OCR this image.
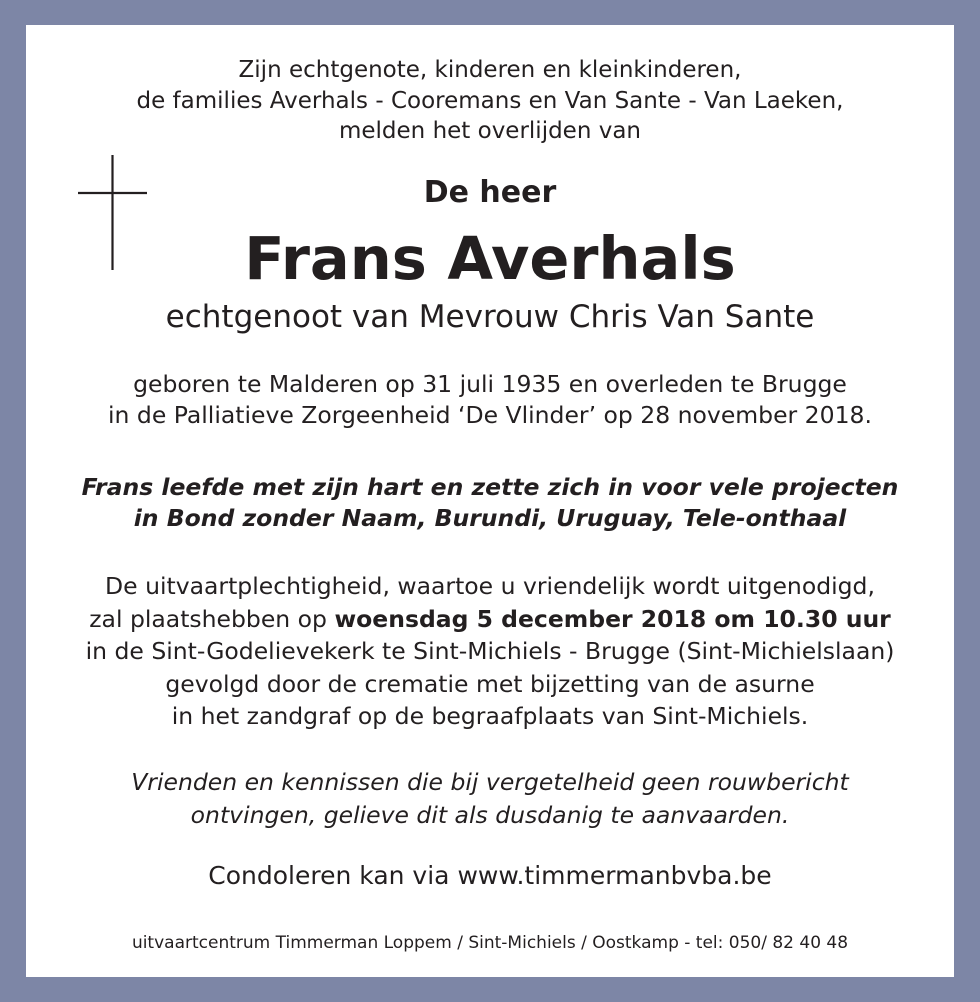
Zijn echtgenote, kinderen en kleinkinderen,
de families Averhals - Cooremans en Van Sante - Van Laeken,
melden het overlijden van
De heer
Frans Averhals
echtgenoot van Mevrouw Chris Van Sante
geboren te Malderen op 31 juli 1935 en overleden te Brugge
in de Palliatieve Zorgeenheid ‘De Vlinder’ op 28 november 2018.
Frans leefde met zijn hart en zette zich in voor vele projecten
in Bond zonder Naam, Burundi, Uruguay, Tele-onthaal
De uitvaartplechtigheid, waartoe u vriendelijk wordt uitgenodigd,
zal plaatshebben op woensdag 5 december 2018 om 10.30 uur
in de Sint-Godelievekerk te Sint-Michiels - Brugge (Sint-Michielslaan)
gevolgd door de crematie met bijzetting van de asurne
in het zandgraf op de begraafplaats van Sint-Michiels.
Vrienden en kennissen die bij vergetelheid geen rouwbericht
ontvingen, gelieve dit als dusdanig te aanvaarden.
Condoleren kan via www.timmermanbvba.be
uitvaartcentrum Timmerman Loppem / Sint-Michiels / Oostkamp - tel: 050/ 82 40 48
